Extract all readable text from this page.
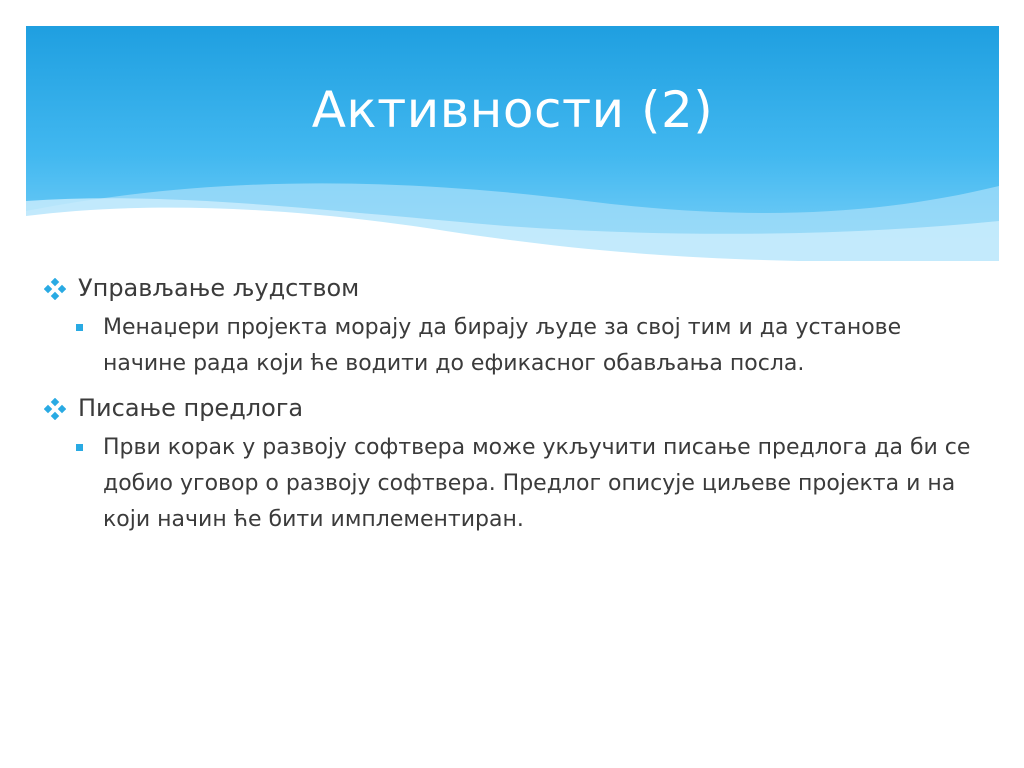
Активности (2)
Управљање људством
Менаџери пројекта морају да бирају људе за свој тим и да установе начине рада који ће водити до ефикасног обављања посла.
Писање предлога
Први корак у развоју софтвера може укључити писање предлога да би се добио уговор о развоју софтвера. Предлог описује циљеве пројекта и на који начин ће бити имплементиран.
